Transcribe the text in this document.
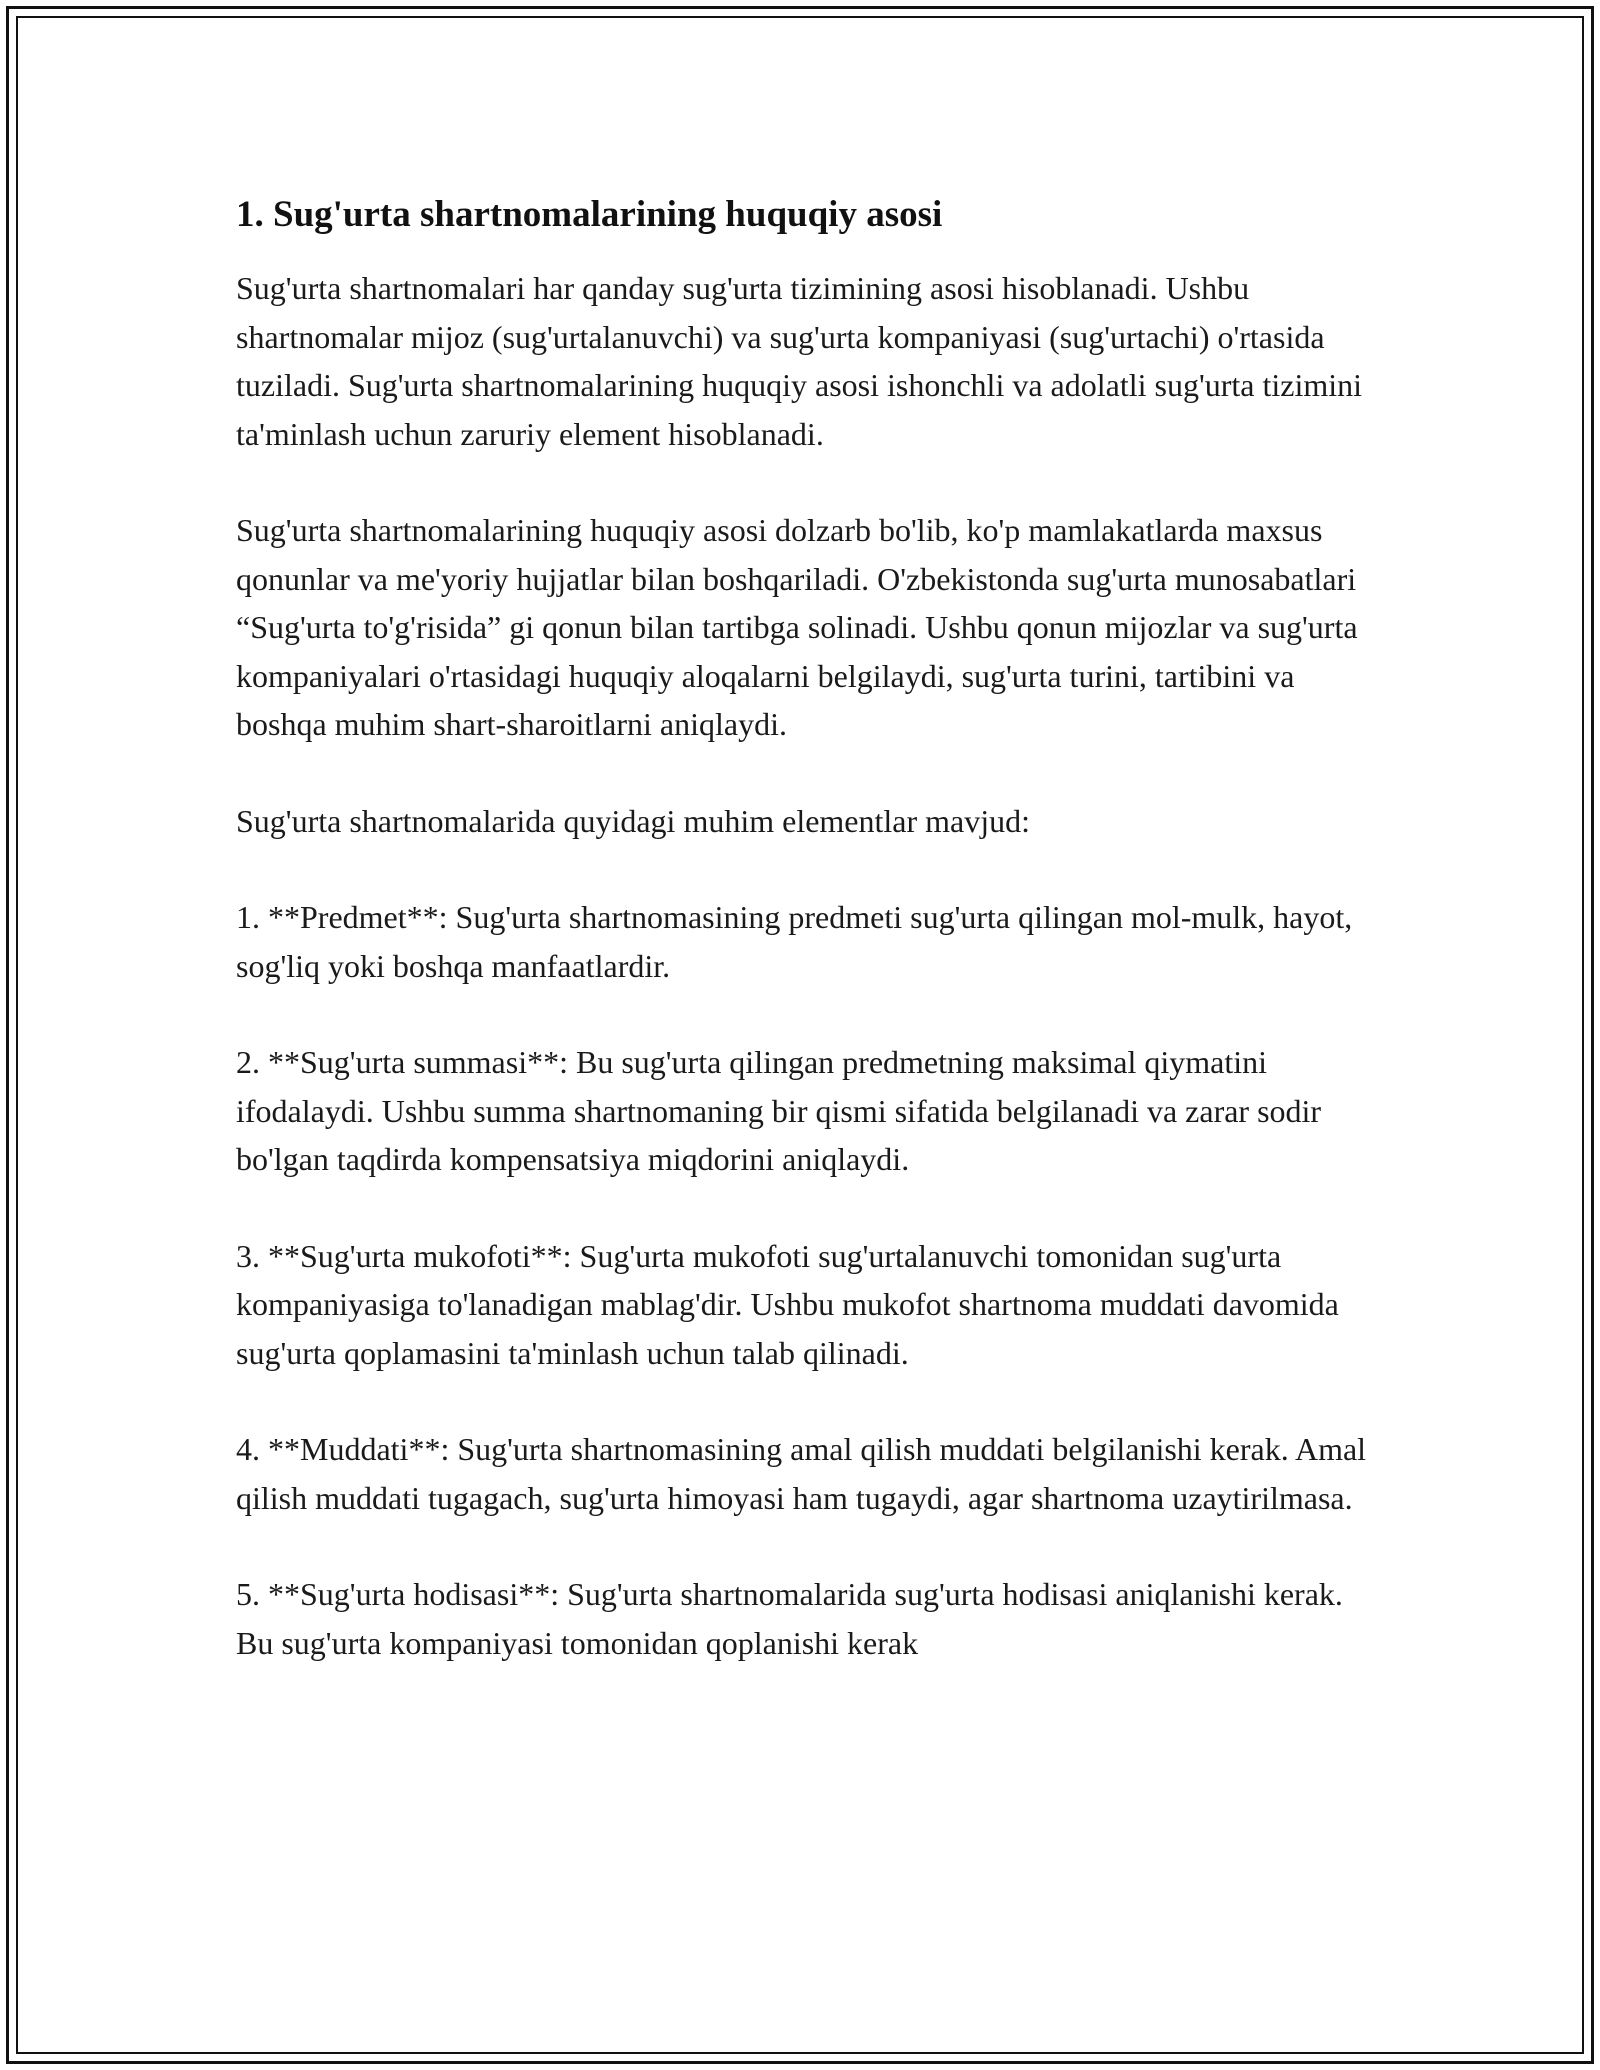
1. Sug'urta shartnomalarining huquqiy asosi

Sug'urta shartnomalari har qanday sug'urta tizimining asosi hisoblanadi. Ushbu shartnomalar mijoz (sug'urtalanuvchi) va sug'urta kompaniyasi (sug'urtachi) o'rtasida tuziladi. Sug'urta shartnomalarining huquqiy asosi ishonchli va adolatli sug'urta tizimini ta'minlash uchun zaruriy element hisoblanadi.

Sug'urta shartnomalarining huquqiy asosi dolzarb bo'lib, ko'p mamlakatlarda maxsus qonunlar va me'yoriy hujjatlar bilan boshqariladi. O'zbekistonda sug'urta munosabatlari “Sug'urta to'g'risida” gi qonun bilan tartibga solinadi. Ushbu qonun mijozlar va sug'urta kompaniyalari o'rtasidagi huquqiy aloqalarni belgilaydi, sug'urta turini, tartibini va boshqa muhim shart-sharoitlarni aniqlaydi.

Sug'urta shartnomalarida quyidagi muhim elementlar mavjud:

1. **Predmet**: Sug'urta shartnomasining predmeti sug'urta qilingan mol-mulk, hayot, sog'liq yoki boshqa manfaatlardir.

2. **Sug'urta summasi**: Bu sug'urta qilingan predmetning maksimal qiymatini ifodalaydi. Ushbu summa shartnomaning bir qismi sifatida belgilanadi va zarar sodir bo'lgan taqdirda kompensatsiya miqdorini aniqlaydi.

3. **Sug'urta mukofoti**: Sug'urta mukofoti sug'urtalanuvchi tomonidan sug'urta kompaniyasiga to'lanadigan mablag'dir. Ushbu mukofot shartnoma muddati davomida sug'urta qoplamasini ta'minlash uchun talab qilinadi.

4. **Muddati**: Sug'urta shartnomasining amal qilish muddati belgilanishi kerak. Amal qilish muddati tugagach, sug'urta himoyasi ham tugaydi, agar shartnoma uzaytirilmasa.

5. **Sug'urta hodisasi**: Sug'urta shartnomalarida sug'urta hodisasi aniqlanishi kerak. Bu sug'urta kompaniyasi tomonidan qoplanishi kerak
